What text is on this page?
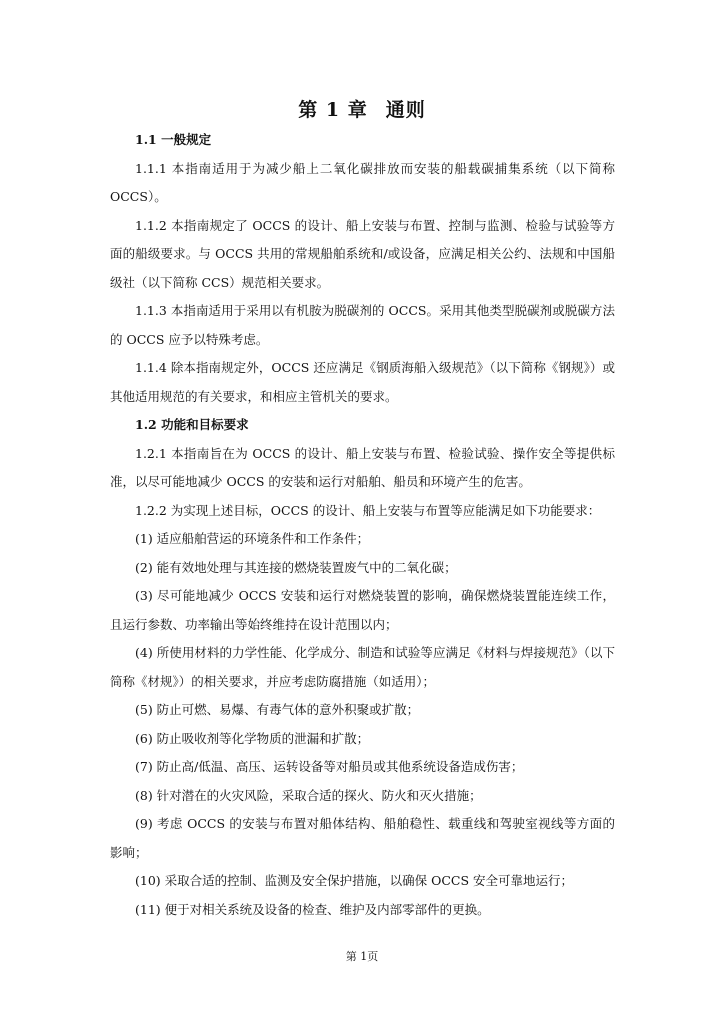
第 1 章 通则
1.1 一般规定

1.1.1 本指南适用于为减少船上二氧化碳排放而安装的船载碳捕集系统（以下简称 OCCS）。

1.1.2 本指南规定了 OCCS 的设计、船上安装与布置、控制与监测、检验与试验等方面的船级要求。与 OCCS 共用的常规船舶系统和/或设备，应满足相关公约、法规和中国船级社（以下简称 CCS）规范相关要求。

1.1.3 本指南适用于采用以有机胺为脱碳剂的 OCCS。采用其他类型脱碳剂或脱碳方法的 OCCS 应予以特殊考虑。

1.1.4 除本指南规定外，OCCS 还应满足《钢质海船入级规范》（以下简称《钢规》）或其他适用规范的有关要求，和相应主管机关的要求。

1.2 功能和目标要求

1.2.1 本指南旨在为 OCCS 的设计、船上安装与布置、检验试验、操作安全等提供标准，以尽可能地减少 OCCS 的安装和运行对船舶、船员和环境产生的危害。

1.2.2 为实现上述目标，OCCS 的设计、船上安装与布置等应能满足如下功能要求：

(1) 适应船舶营运的环境条件和工作条件；

(2) 能有效地处理与其连接的燃烧装置废气中的二氧化碳；

(3) 尽可能地减少 OCCS 安装和运行对燃烧装置的影响，确保燃烧装置能连续工作，且运行参数、功率输出等始终维持在设计范围以内；

(4) 所使用材料的力学性能、化学成分、制造和试验等应满足《材料与焊接规范》（以下简称《材规》）的相关要求，并应考虑防腐措施（如适用）；

(5) 防止可燃、易爆、有毒气体的意外积聚或扩散；

(6) 防止吸收剂等化学物质的泄漏和扩散；

(7) 防止高/低温、高压、运转设备等对船员或其他系统设备造成伤害；

(8) 针对潜在的火灾风险，采取合适的探火、防火和灭火措施；

(9) 考虑 OCCS 的安装与布置对船体结构、船舶稳性、载重线和驾驶室视线等方面的影响；

(10) 采取合适的控制、监测及安全保护措施，以确保 OCCS 安全可靠地运行；

(11) 便于对相关系统及设备的检查、维护及内部零部件的更换。

第 1页
